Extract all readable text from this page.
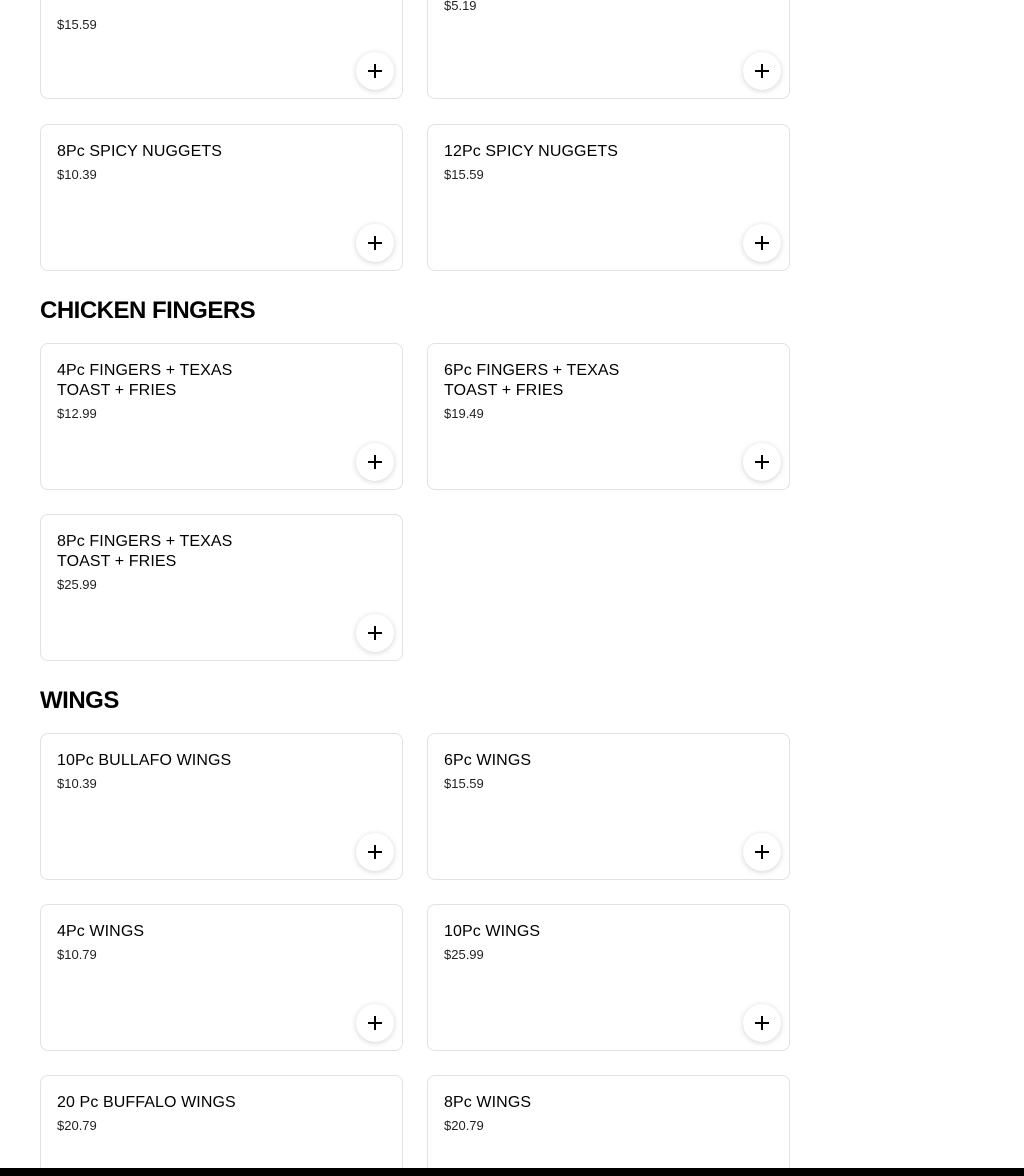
$15.59
$5.19
8Pc SPICY NUGGETS
$10.39
12Pc SPICY NUGGETS
$15.59
CHICKEN FINGERS
4Pc FINGERS + TEXAS TOAST + FRIES
$12.99
6Pc FINGERS + TEXAS TOAST + FRIES
$19.49
8Pc FINGERS + TEXAS TOAST + FRIES
$25.99
WINGS
10Pc BULLAFO WINGS
$10.39
6Pc WINGS
$15.59
4Pc WINGS
$10.79
10Pc WINGS
$25.99
20 Pc BUFFALO WINGS
$20.79
8Pc WINGS
$20.79
